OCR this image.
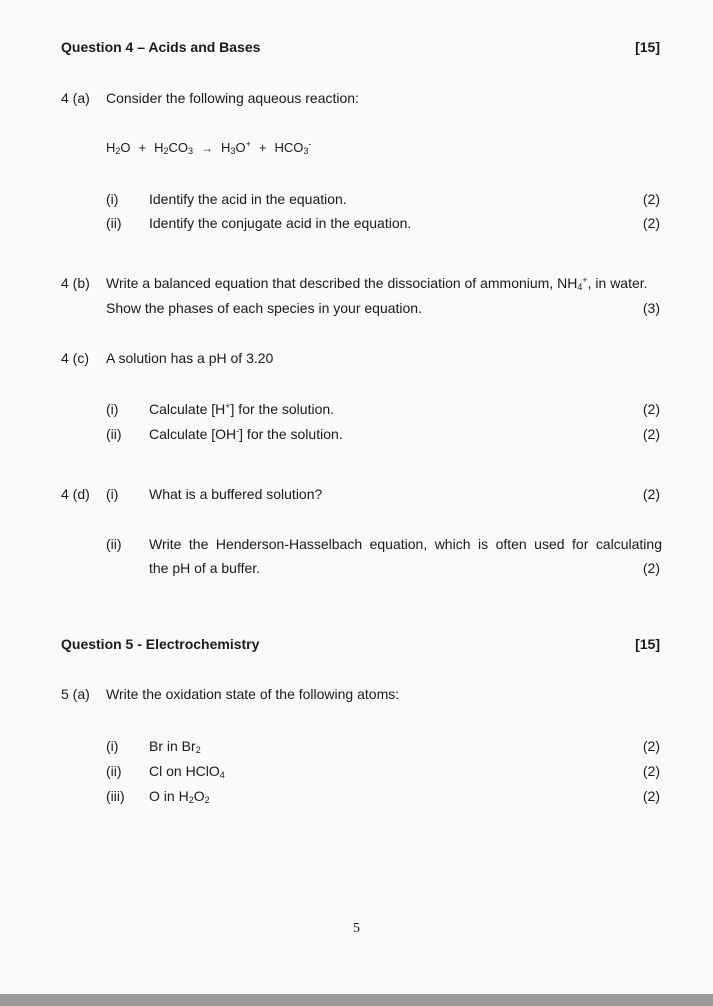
Question 4 – Acids and Bases	[15]
4 (a) Consider the following aqueous reaction:
$H_2O + H_2CO_3 \to H_3O^+ + HCO_3^-$
(i) Identify the acid in the equation.	(2)
(ii) Identify the conjugate acid in the equation.	(2)
4 (b) Write a balanced equation that described the dissociation of ammonium, $NH_4^+$, in water.
Show the phases of each species in your equation.	(3)
4 (c) A solution has a pH of 3.20
(i) Calculate [H+] for the solution.	(2)
(ii) Calculate [OH-] for the solution.	(2)
4 (d) (i) What is a buffered solution?	(2)
(ii) Write the Henderson-Hasselbach equation, which is often used for calculating
the pH of a buffer.	(2)
Question 5 - Electrochemistry	[15]
5 (a) Write the oxidation state of the following atoms:
(i) Br in $Br_2$	(2)
(ii) Cl on HClO$_4$	(2)
(iii) O in $H_2O_2$	(2)
5
